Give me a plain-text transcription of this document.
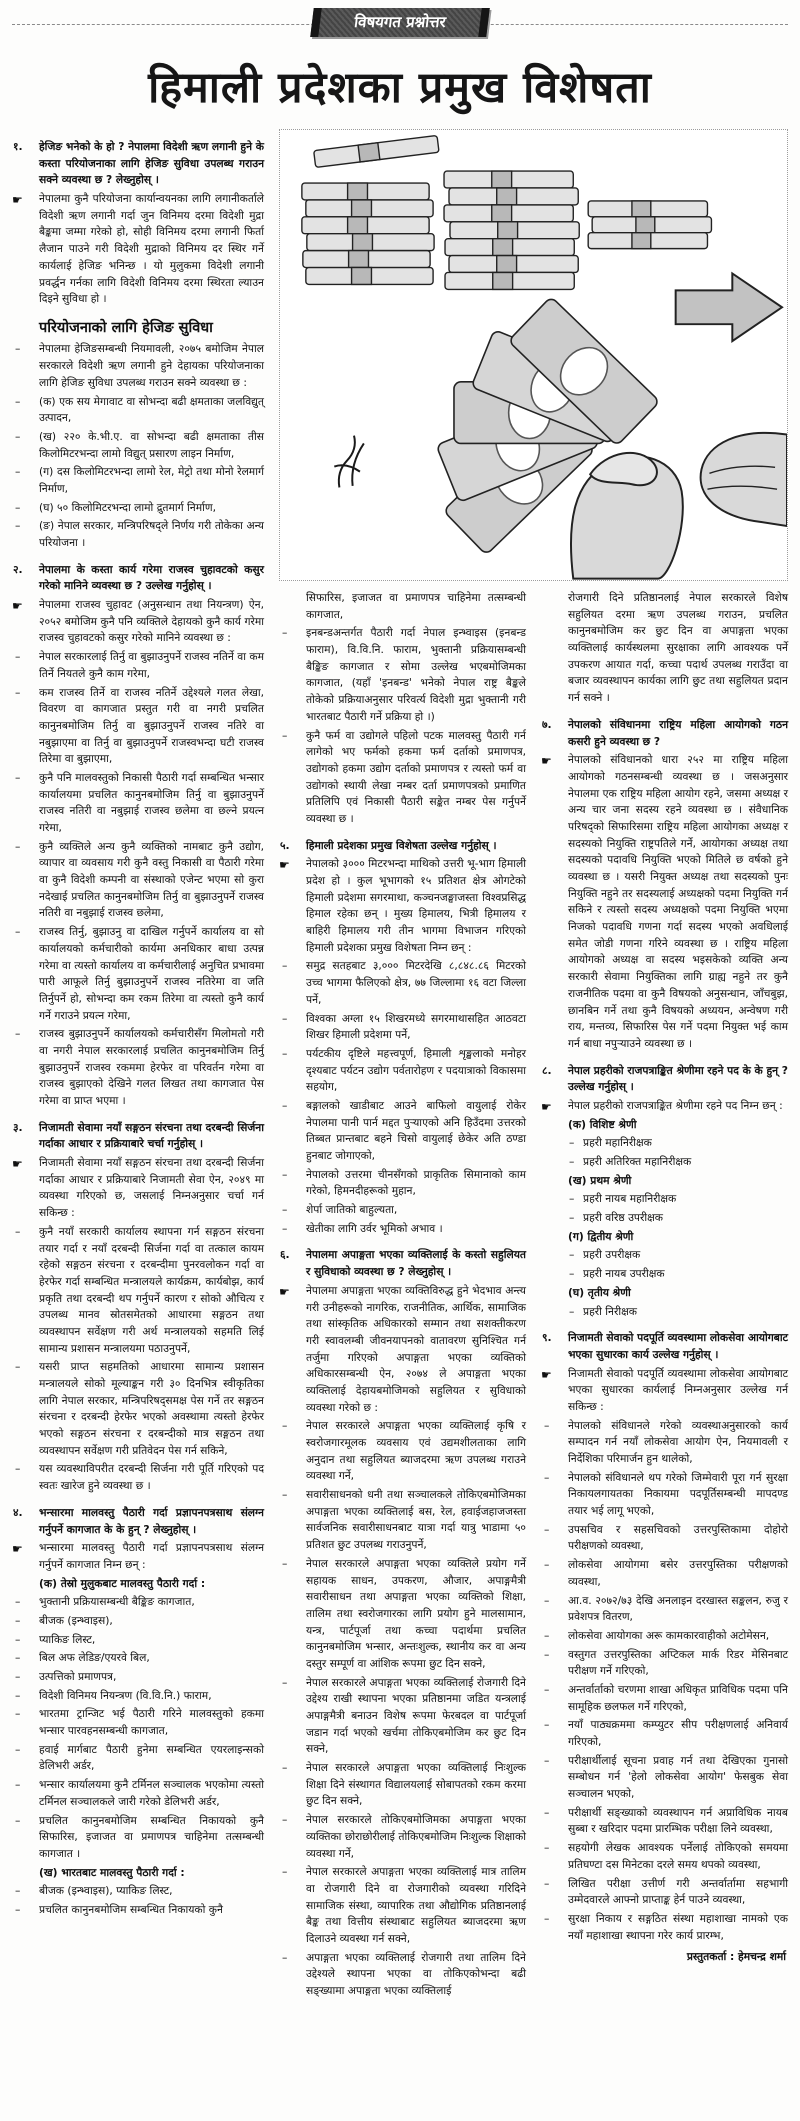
विषयगत प्रश्नोत्तर
हिमाली प्रदेशका प्रमुख विशेषता
१. हेजिङ भनेको के हो ? नेपालमा विदेशी ऋण लगानी हुने के कस्ता परियोजनाका लागि हेजिङ सुविधा उपलब्ध गराउन सक्ने व्यवस्था छ ? लेख्नुहोस् ।
☛ नेपालमा कुनै परियोजना कार्यान्वयनका लागि लगानीकर्ताले विदेशी ऋण लगानी गर्दा जुन विनिमय दरमा विदेशी मुद्रा बैङ्कमा जम्मा गरेको हो, सोही विनिमय दरमा लगानी फिर्ता लैजान पाउने गरी विदेशी मुद्राको विनिमय दर स्थिर गर्ने कार्यलाई हेजिङ भनिन्छ । यो मुलुकमा विदेशी लगानी प्रवर्द्धन गर्नका लागि विदेशी विनिमय दरमा स्थिरता ल्याउन दिइने सुविधा हो ।
परियोजनाको लागि हेजिङ सुविधा
– नेपालमा हेजिङसम्बन्धी नियमावली, २०७५ बमोजिम नेपाल सरकारले विदेशी ऋण लगानी हुने देहायका परियोजनाका लागि हेजिङ सुविधा उपलब्ध गराउन सक्ने व्यवस्था छ :
– (क) एक सय मेगावाट वा सोभन्दा बढी क्षमताका जलविद्युत् उत्पादन,
– (ख) २२० के.भी.ए. वा सोभन्दा बढी क्षमताका तीस किलोमिटरभन्दा लामो विद्युत् प्रसारण लाइन निर्माण,
– (ग) दस किलोमिटरभन्दा लामो रेल, मेट्रो तथा मोनो रेलमार्ग निर्माण,
– (घ) ५० किलोमिटरभन्दा लामो द्रुतमार्ग निर्माण,
– (ङ) नेपाल सरकार, मन्त्रिपरिषद्ले निर्णय गरी तोकेका अन्य परियोजना ।
२. नेपालमा के कस्ता कार्य गरेमा राजस्व चुहावटको कसुर गरेको मानिने व्यवस्था छ ? उल्लेख गर्नुहोस् ।
☛ नेपालमा राजस्व चुहावट (अनुसन्धान तथा नियन्त्रण) ऐन, २०५२ बमोजिम कुनै पनि व्यक्तिले देहायको कुनै कार्य गरेमा राजस्व चुहावटको कसुर गरेको मानिने व्यवस्था छ :
– नेपाल सरकारलाई तिर्नु वा बुझाउनुपर्ने राजस्व नतिर्ने वा कम तिर्ने नियतले कुनै काम गरेमा,
– कम राजस्व तिर्ने वा राजस्व नतिर्ने उद्देश्यले गलत लेखा, विवरण वा कागजात प्रस्तुत गरी वा नगरी प्रचलित कानुनबमोजिम तिर्नु वा बुझाउनुपर्ने राजस्व नतिरे वा नबुझाएमा वा तिर्नु वा बुझाउनुपर्ने राजस्वभन्दा घटी राजस्व तिरेमा वा बुझाएमा,
– कुनै पनि मालवस्तुको निकासी पैठारी गर्दा सम्बन्धित भन्सार कार्यालयमा प्रचलित कानुनबमोजिम तिर्नु वा बुझाउनुपर्ने राजस्व नतिरी वा नबुझाई राजस्व छलेमा वा छल्ने प्रयत्न गरेमा,
– कुनै व्यक्तिले अन्य कुनै व्यक्तिको नामबाट कुनै उद्योग, व्यापार वा व्यवसाय गरी कुनै वस्तु निकासी वा पैठारी गरेमा वा कुनै विदेशी कम्पनी वा संस्थाको एजेन्ट भएमा सो कुरा नदेखाई प्रचलित कानुनबमोजिम तिर्नु वा बुझाउनुपर्ने राजस्व नतिरी वा नबुझाई राजस्व छलेमा,
– राजस्व तिर्नु, बुझाउनु वा दाखिल गर्नुपर्ने कार्यालय वा सो कार्यालयको कर्मचारीको कार्यमा अनधिकार बाधा उत्पन्न गरेमा वा त्यस्तो कार्यालय वा कर्मचारीलाई अनुचित प्रभावमा पारी आफूले तिर्नु बुझाउनुपर्ने राजस्व नतिरेमा वा जति तिर्नुपर्ने हो, सोभन्दा कम रकम तिरेमा वा त्यस्तो कुनै कार्य गर्ने गराउने प्रयत्न गरेमा,
– राजस्व बुझाउनुपर्ने कार्यालयको कर्मचारीसँग मिलोमतो गरी वा नगरी नेपाल सरकारलाई प्रचलित कानुनबमोजिम तिर्नु बुझाउनुपर्ने राजस्व रकममा हेरफेर वा परिवर्तन गरेमा वा राजस्व बुझाएको देखिने गलत लिखत तथा कागजात पेस गरेमा वा प्राप्त भएमा ।
३. निजामती सेवामा नयाँ सङ्गठन संरचना तथा दरबन्दी सिर्जना गर्दाका आधार र प्रक्रियाबारे चर्चा गर्नुहोस् ।
☛ निजामती सेवामा नयाँ सङ्गठन संरचना तथा दरबन्दी सिर्जना गर्दाका आधार र प्रक्रियाबारे निजामती सेवा ऐन, २०४९ मा व्यवस्था गरिएको छ, जसलाई निम्नअनुसार चर्चा गर्न सकिन्छ :
– कुनै नयाँ सरकारी कार्यालय स्थापना गर्न सङ्गठन संरचना तयार गर्दा र नयाँ दरबन्दी सिर्जना गर्दा वा तत्काल कायम रहेको सङ्गठन संरचना र दरबन्दीमा पुनरवलोकन गर्दा वा हेरफेर गर्दा सम्बन्धित मन्त्रालयले कार्यक्रम, कार्यबोझ, कार्य प्रकृति तथा दरबन्दी थप गर्नुपर्ने कारण र सोको औचित्य र उपलब्ध मानव स्रोतसमेतको आधारमा सङ्गठन तथा व्यवस्थापन सर्वेक्षण गरी अर्थ मन्त्रालयको सहमति लिई सामान्य प्रशासन मन्त्रालयमा पठाउनुपर्ने,
– यसरी प्राप्त सहमतिको आधारमा सामान्य प्रशासन मन्त्रालयले सोको मूल्याङ्कन गरी ३० दिनभित्र स्वीकृतिका लागि नेपाल सरकार, मन्त्रिपरिषद्समक्ष पेस गर्ने तर सङ्गठन संरचना र दरबन्दी हेरफेर भएको अवस्थामा त्यस्तो हेरफेर भएको सङ्गठन संरचना र दरबन्दीको मात्र सङ्गठन तथा व्यवस्थापन सर्वेक्षण गरी प्रतिवेदन पेस गर्न सकिने,
– यस व्यवस्थाविपरीत दरबन्दी सिर्जना गरी पूर्ति गरिएको पद स्वतः खारेज हुने व्यवस्था छ ।
४. भन्सारमा मालवस्तु पैठारी गर्दा प्रज्ञापनपत्रसाथ संलग्न गर्नुपर्ने कागजात के के हुन् ? लेख्नुहोस् ।
☛ भन्सारमा मालवस्तु पैठारी गर्दा प्रज्ञापनपत्रसाथ संलग्न गर्नुपर्ने कागजात निम्न छन् :
(क) तेस्रो मुलुकबाट मालवस्तु पैठारी गर्दा :
– भुक्तानी प्रक्रियासम्बन्धी बैङ्किङ कागजात,
– बीजक (इन्भ्वाइस),
– प्याकिङ लिस्ट,
– बिल अफ लेडिङ/एयरवे बिल,
– उत्पत्तिको प्रमाणपत्र,
– विदेशी विनिमय नियन्त्रण (वि.वि.नि.) फाराम,
– भारतमा ट्रान्जिट भई पैठारी गरिने मालवस्तुको हकमा भन्सार पारवहनसम्बन्धी कागजात,
– हवाई मार्गबाट पैठारी हुनेमा सम्बन्धित एयरलाइन्सको डेलिभरी अर्डर,
– भन्सार कार्यालयमा कुनै टर्मिनल सञ्चालक भएकोमा त्यस्तो टर्मिनल सञ्चालकले जारी गरेको डेलिभरी अर्डर,
– प्रचलित कानुनबमोजिम सम्बन्धित निकायको कुनै सिफारिस, इजाजत वा प्रमाणपत्र चाहिनेमा तत्सम्बन्धी कागजात ।
(ख) भारतबाट मालवस्तु पैठारी गर्दा :
– बीजक (इन्भ्वाइस), प्याकिङ लिस्ट,
– प्रचलित कानुनबमोजिम सम्बन्धित निकायको कुनै
सिफारिस, इजाजत वा प्रमाणपत्र चाहिनेमा तत्सम्बन्धी कागजात,
– इनबन्डअन्तर्गत पैठारी गर्दा नेपाल इन्भ्वाइस (इनबन्ड फाराम), वि.वि.नि. फाराम, भुक्तानी प्रक्रियासम्बन्धी बैङ्किङ कागजात र सोमा उल्लेख भएबमोजिमका कागजात, (यहाँ 'इनबन्ड' भनेको नेपाल राष्ट्र बैङ्कले तोकेको प्रक्रियाअनुसार परिवर्त्य विदेशी मुद्रा भुक्तानी गरी भारतबाट पैठारी गर्ने प्रक्रिया हो ।)
– कुनै फर्म वा उद्योगले पहिलो पटक मालवस्तु पैठारी गर्न लागेको भए फर्मको हकमा फर्म दर्ताको प्रमाणपत्र, उद्योगको हकमा उद्योग दर्ताको प्रमाणपत्र र त्यस्तो फर्म वा उद्योगको स्थायी लेखा नम्बर दर्ता प्रमाणपत्रको प्रमाणित प्रतिलिपि एवं निकासी पैठारी सङ्केत नम्बर पेस गर्नुपर्ने व्यवस्था छ ।
५. हिमाली प्रदेशका प्रमुख विशेषता उल्लेख गर्नुहोस् ।
☛ नेपालको ३००० मिटरभन्दा माथिको उत्तरी भू-भाग हिमाली प्रदेश हो । कुल भूभागको १५ प्रतिशत क्षेत्र ओगटेको हिमाली प्रदेशमा सगरमाथा, कञ्चनजङ्घाजस्ता विश्वप्रसिद्ध हिमाल रहेका छन् । मुख्य हिमालय, भित्री हिमालय र बाहिरी हिमालय गरी तीन भागमा विभाजन गरिएको हिमाली प्रदेशका प्रमुख विशेषता निम्न छन् :
– समुद्र सतहबाट ३,००० मिटरदेखि ८,८४८.८६ मिटरको उच्च भागमा फैलिएको क्षेत्र, ७७ जिल्लामा १६ वटा जिल्ला पर्ने,
– विश्वका अग्ला १५ शिखरमध्ये सगरमाथासहित आठवटा शिखर हिमाली प्रदेशमा पर्ने,
– पर्यटकीय दृष्टिले महत्त्वपूर्ण, हिमाली शृङ्खलाको मनोहर दृश्यबाट पर्यटन उद्योग पर्वतारोहण र पदयात्राको विकासमा सहयोग,
– बङ्गालको खाडीबाट आउने बाफिलो वायुलाई रोकेर नेपालमा पानी पार्न मद्दत पुऱ्याएको अनि हिउँदमा उत्तरको तिब्बत प्रान्तबाट बहने चिसो वायुलाई छेकेर अति ठण्डा हुनबाट जोगाएको,
– नेपालको उत्तरमा चीनसँगको प्राकृतिक सिमानाको काम गरेको, हिमनदीहरूको मुहान,
– शेर्पा जातिको बाहुल्यता,
– खेतीका लागि उर्वर भूमिको अभाव ।
६. नेपालमा अपाङ्गता भएका व्यक्तिलाई के कस्तो सहुलियत र सुविधाको व्यवस्था छ ? लेख्नुहोस् ।
☛ नेपालमा अपाङ्गता भएका व्यक्तिविरुद्ध हुने भेदभाव अन्त्य गरी उनीहरूको नागरिक, राजनीतिक, आर्थिक, सामाजिक तथा सांस्कृतिक अधिकारको सम्मान तथा सशक्तीकरण गरी स्वावलम्बी जीवनयापनको वातावरण सुनिश्चित गर्न तर्जुमा गरिएको अपाङ्गता भएका व्यक्तिको अधिकारसम्बन्धी ऐन, २०७४ ले अपाङ्गता भएका व्यक्तिलाई देहायबमोजिमको सहुलियत र सुविधाको व्यवस्था गरेको छ :
– नेपाल सरकारले अपाङ्गता भएका व्यक्तिलाई कृषि र स्वरोजगारमूलक व्यवसाय एवं उद्यमशीलताका लागि अनुदान तथा सहुलियत ब्याजदरमा ऋण उपलब्ध गराउने व्यवस्था गर्ने,
– सवारीसाधनको धनी तथा सञ्चालकले तोकिएबमोजिमका अपाङ्गता भएका व्यक्तिलाई बस, रेल, हवाईजहाजजस्ता सार्वजनिक सवारीसाधनबाट यात्रा गर्दा यात्रु भाडामा ५० प्रतिशत छुट उपलब्ध गराउनुपर्ने,
– नेपाल सरकारले अपाङ्गता भएका व्यक्तिले प्रयोग गर्ने सहायक साधन, उपकरण, औजार, अपाङ्गमैत्री सवारीसाधन तथा अपाङ्गता भएका व्यक्तिको शिक्षा, तालिम तथा स्वरोजगारका लागि प्रयोग हुने मालसामान, यन्त्र, पार्टपूर्जा तथा कच्चा पदार्थमा प्रचलित कानुनबमोजिम भन्सार, अन्तःशुल्क, स्थानीय कर वा अन्य दस्तुर सम्पूर्ण वा आंशिक रूपमा छुट दिन सक्ने,
– नेपाल सरकारले अपाङ्गता भएका व्यक्तिलाई रोजगारी दिने उद्देश्य राखी स्थापना भएका प्रतिष्ठानमा जडित यन्त्रलाई अपाङ्गमैत्री बनाउन विशेष रूपमा फेरबदल वा पार्टपूर्जा जडान गर्दा भएको खर्चमा तोकिएबमोजिम कर छुट दिन सक्ने,
– नेपाल सरकारले अपाङ्गता भएका व्यक्तिलाई निःशुल्क शिक्षा दिने संस्थागत विद्यालयलाई सोबापतको रकम करमा छुट दिन सक्ने,
– नेपाल सरकारले तोकिएबमोजिमका अपाङ्गता भएका व्यक्तिका छोराछोरीलाई तोकिएबमोजिम निःशुल्क शिक्षाको व्यवस्था गर्ने,
– नेपाल सरकारले अपाङ्गता भएका व्यक्तिलाई मात्र तालिम वा रोजगारी दिने वा रोजगारीको व्यवस्था गरिदिने सामाजिक संस्था, व्यापारिक तथा औद्योगिक प्रतिष्ठानलाई बैङ्क तथा वित्तीय संस्थाबाट सहुलियत ब्याजदरमा ऋण दिलाउने व्यवस्था गर्न सक्ने,
– अपाङ्गता भएका व्यक्तिलाई रोजगारी तथा तालिम दिने उद्देश्यले स्थापना भएका वा तोकिएकोभन्दा बढी सङ्ख्यामा अपाङ्गता भएका व्यक्तिलाई
रोजगारी दिने प्रतिष्ठानलाई नेपाल सरकारले विशेष सहुलियत दरमा ऋण उपलब्ध गराउन, प्रचलित कानुनबमोजिम कर छुट दिन वा अपाङ्गता भएका व्यक्तिलाई कार्यस्थलमा सुरक्षाका लागि आवश्यक पर्ने उपकरण आयात गर्दा, कच्चा पदार्थ उपलब्ध गराउँदा वा बजार व्यवस्थापन कार्यका लागि छुट तथा सहुलियत प्रदान गर्न सक्ने ।
७. नेपालको संविधानमा राष्ट्रिय महिला आयोगको गठन कसरी हुने व्यवस्था छ ?
☛ नेपालको संविधानको धारा २५२ मा राष्ट्रिय महिला आयोगको गठनसम्बन्धी व्यवस्था छ । जसअनुसार नेपालमा एक राष्ट्रिय महिला आयोग रहने, जसमा अध्यक्ष र अन्य चार जना सदस्य रहने व्यवस्था छ । संवैधानिक परिषद्को सिफारिसमा राष्ट्रिय महिला आयोगका अध्यक्ष र सदस्यको नियुक्ति राष्ट्रपतिले गर्ने, आयोगका अध्यक्ष तथा सदस्यको पदावधि नियुक्ति भएको मितिले छ वर्षको हुने व्यवस्था छ । यसरी नियुक्त अध्यक्ष तथा सदस्यको पुनः नियुक्ति नहुने तर सदस्यलाई अध्यक्षको पदमा नियुक्ति गर्न सकिने र त्यस्तो सदस्य अध्यक्षको पदमा नियुक्ति भएमा निजको पदावधि गणना गर्दा सदस्य भएको अवधिलाई समेत जोडी गणना गरिने व्यवस्था छ । राष्ट्रिय महिला आयोगको अध्यक्ष वा सदस्य भइसकेको व्यक्ति अन्य सरकारी सेवामा नियुक्तिका लागि ग्राह्य नहुने तर कुनै राजनीतिक पदमा वा कुनै विषयको अनुसन्धान, जाँचबुझ, छानबिन गर्ने तथा कुनै विषयको अध्ययन, अन्वेषण गरी राय, मन्तव्य, सिफारिस पेस गर्ने पदमा नियुक्त भई काम गर्न बाधा नपुऱ्याउने व्यवस्था छ ।
८. नेपाल प्रहरीको राजपत्राङ्कित श्रेणीमा रहने पद के के हुन् ? उल्लेख गर्नुहोस् ।
☛ नेपाल प्रहरीको राजपत्राङ्कित श्रेणीमा रहने पद निम्न छन् :
(क) विशिष्ट श्रेणी
– प्रहरी महानिरीक्षक
– प्रहरी अतिरिक्त महानिरीक्षक
(ख) प्रथम श्रेणी
– प्रहरी नायब महानिरीक्षक
– प्रहरी वरिष्ठ उपरीक्षक
(ग) द्वितीय श्रेणी
– प्रहरी उपरीक्षक
– प्रहरी नायब उपरीक्षक
(घ) तृतीय श्रेणी
– प्रहरी निरीक्षक
९. निजामती सेवाको पदपूर्ति व्यवस्थामा लोकसेवा आयोगबाट भएका सुधारका कार्य उल्लेख गर्नुहोस् ।
☛ निजामती सेवाको पदपूर्ति व्यवस्थामा लोकसेवा आयोगबाट भएका सुधारका कार्यलाई निम्नअनुसार उल्लेख गर्न सकिन्छ :
– नेपालको संविधानले गरेको व्यवस्थाअनुसारको कार्य सम्पादन गर्न नयाँ लोकसेवा आयोग ऐन, नियमावली र निर्देशिका परिमार्जन हुन थालेको,
– नेपालको संविधानले थप गरेको जिम्मेवारी पूरा गर्न सुरक्षा निकायलगायतका निकायमा पदपूर्तिसम्बन्धी मापदण्ड तयार भई लागू भएको,
– उपसचिव र सहसचिवको उत्तरपुस्तिकामा दोहोरो परीक्षणको व्यवस्था,
– लोकसेवा आयोगमा बसेर उत्तरपुस्तिका परीक्षणको व्यवस्था,
– आ.व. २०७२/७३ देखि अनलाइन दरखास्त सङ्कलन, रुजु र प्रवेशपत्र वितरण,
– लोकसेवा आयोगका अरू कामकारवाहीको अटोमेसन,
– वस्तुगत उत्तरपुस्तिका अप्टिकल मार्क रिडर मेसिनबाट परीक्षण गर्ने गरिएको,
– अन्तर्वार्ताको चरणमा शाखा अधिकृत प्राविधिक पदमा पनि सामूहिक छलफल गर्ने गरिएको,
– नयाँ पाठ्यक्रममा कम्प्युटर सीप परीक्षणलाई अनिवार्य गरिएको,
– परीक्षार्थीलाई सूचना प्रवाह गर्न तथा देखिएका गुनासो सम्बोधन गर्न 'हेलो लोकसेवा आयोग' फेसबुक सेवा सञ्चालन भएको,
– परीक्षार्थी सङ्ख्याको व्यवस्थापन गर्न अप्राविधिक नायब सुब्बा र खरिदार पदमा प्रारम्भिक परीक्षा लिने व्यवस्था,
– सहयोगी लेखक आवश्यक पर्नेलाई तोकिएको समयमा प्रतिघण्टा दस मिनेटका दरले समय थपको व्यवस्था,
– लिखित परीक्षा उत्तीर्ण गरी अन्तर्वार्तामा सहभागी उम्मेदवारले आफ्नो प्राप्ताङ्क हेर्न पाउने व्यवस्था,
– सुरक्षा निकाय र सङ्गठित संस्था महाशाखा नामको एक नयाँ महाशाखा स्थापना गरेर कार्य प्रारम्भ,
प्रस्तुतकर्ता : हेमचन्द्र शर्मा
